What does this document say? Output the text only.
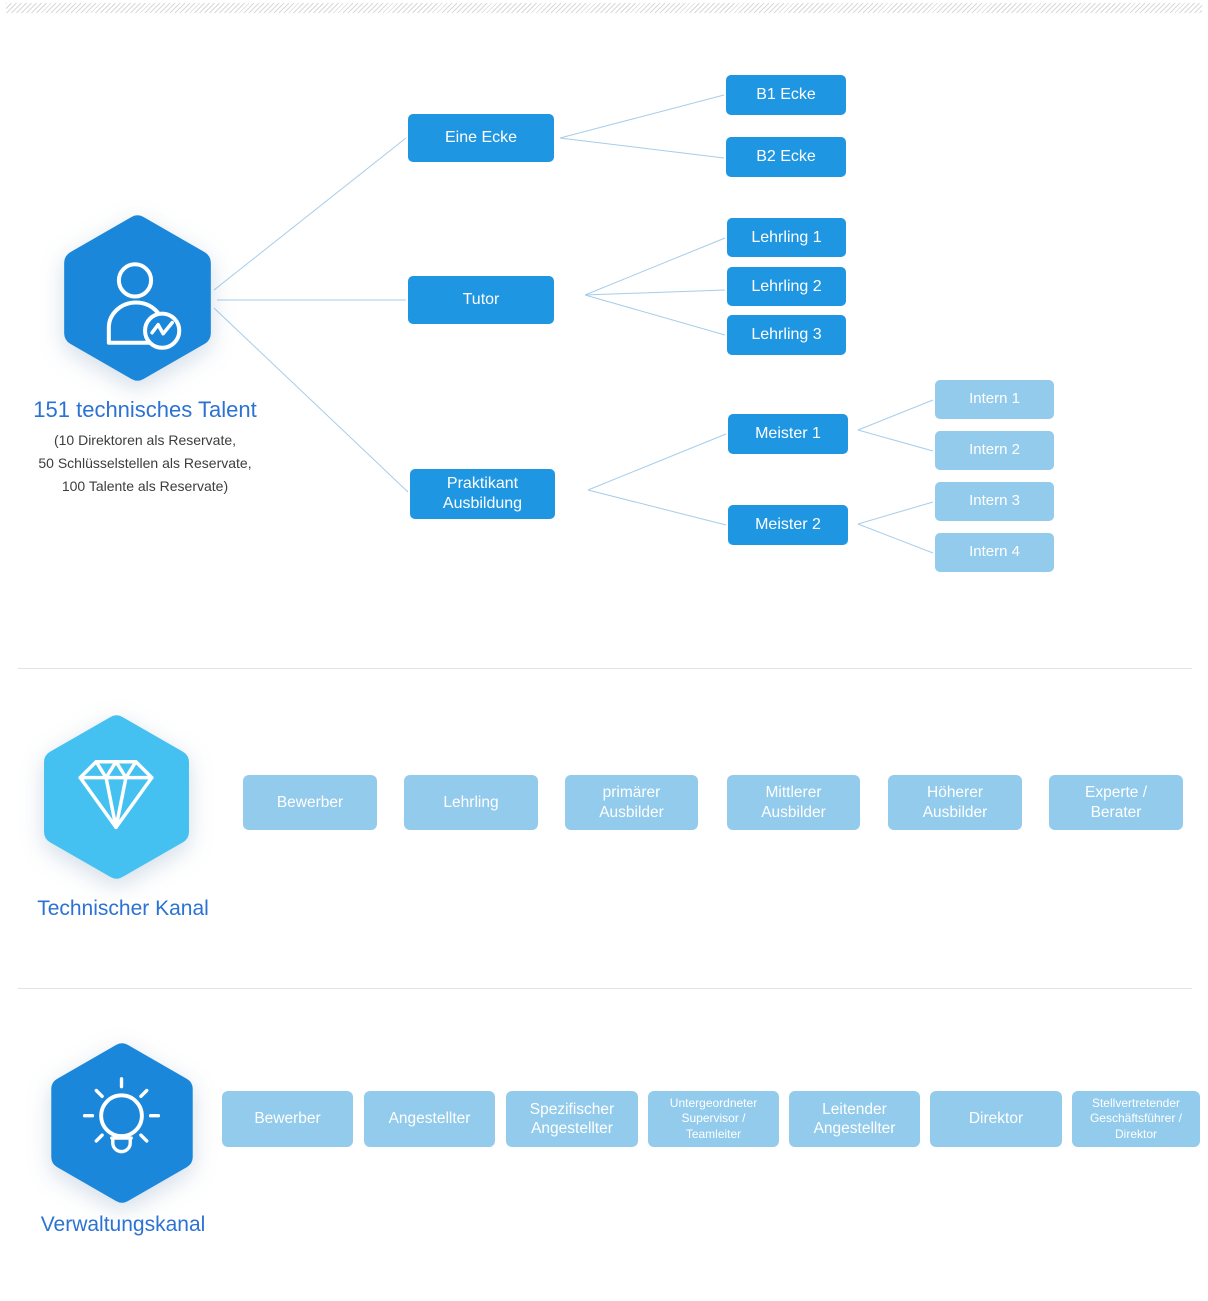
151 technisches Talent
(10 Direktoren als Reservate,
50 Schlüsselstellen als Reservate,
100 Talente als Reservate)
Eine Ecke
Tutor
Praktikant Ausbildung
B1 Ecke
B2 Ecke
Lehrling 1
Lehrling 2
Lehrling 3
Meister 1
Meister 2
Intern 1
Intern 2
Intern 3
Intern 4
Technischer Kanal
Bewerber	Lehrling
primärer Ausbilder
Mittlerer Ausbilder
Höherer Ausbilder
Experte / Berater
Verwaltungskanal
Bewerber	Angestellter
Spezifischer Angestellter
Untergeordneter Supervisor / Teamleiter
Leitender Angestellter
Direktor
Stellvertretender Geschäftsführer / Direktor
